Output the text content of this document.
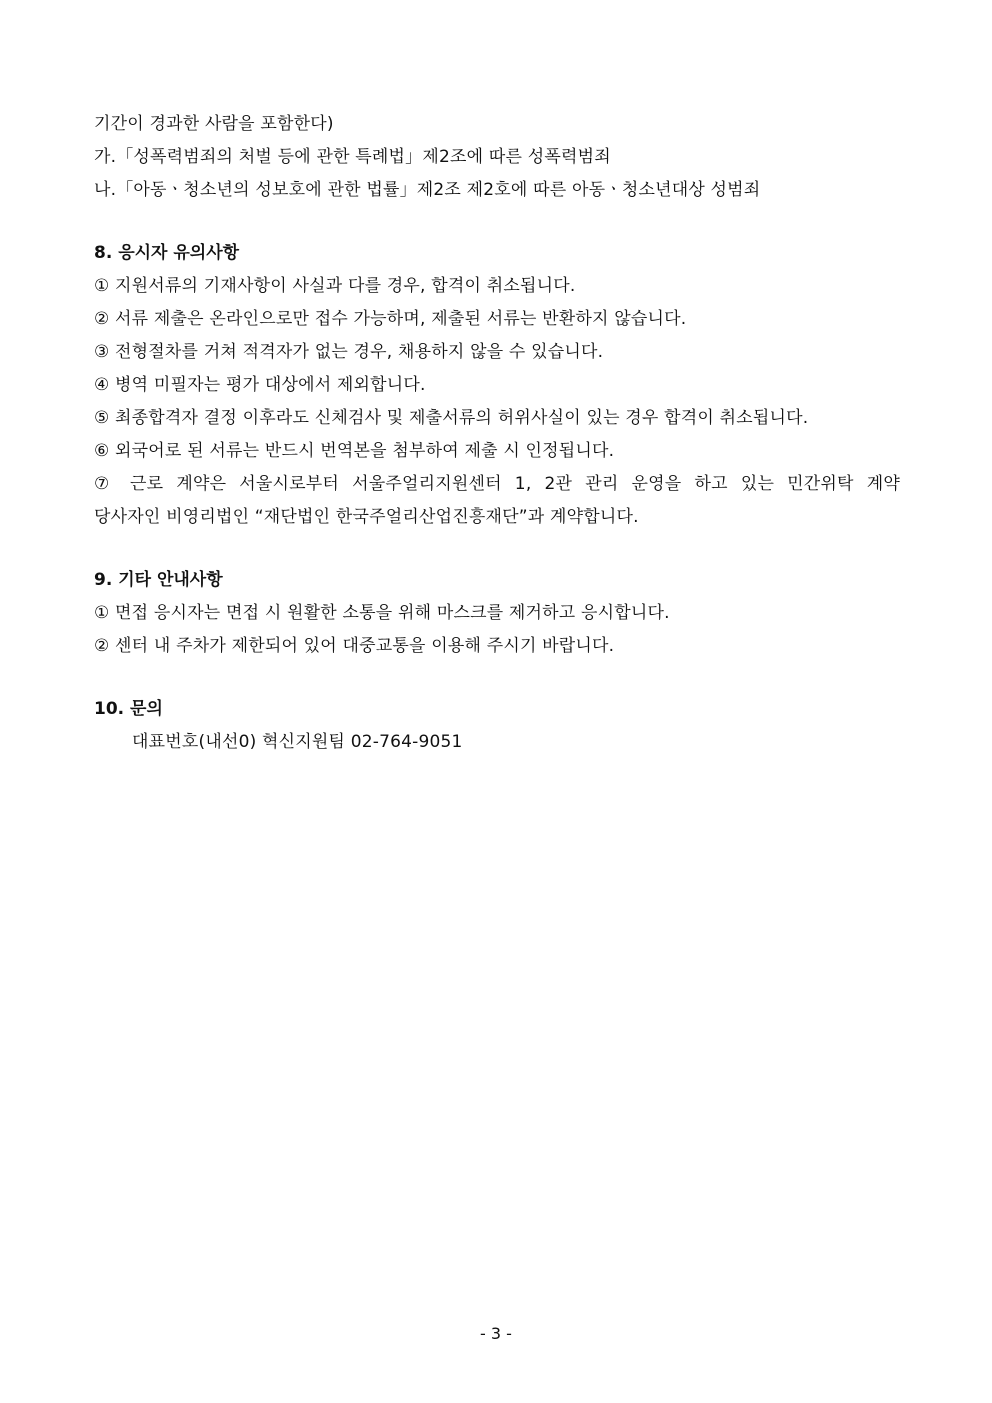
기간이 경과한 사람을 포함한다)
가.「성폭력범죄의 처벌 등에 관한 특례법」제2조에 따른 성폭력범죄
나.「아동ㆍ청소년의 성보호에 관한 법률」제2조 제2호에 따른 아동ㆍ청소년대상 성범죄
8. 응시자 유의사항
① 지원서류의 기재사항이 사실과 다를 경우, 합격이 취소됩니다.
② 서류 제출은 온라인으로만 접수 가능하며, 제출된 서류는 반환하지 않습니다.
③ 전형절차를 거쳐 적격자가 없는 경우, 채용하지 않을 수 있습니다.
④ 병역 미필자는 평가 대상에서 제외합니다.
⑤ 최종합격자 결정 이후라도 신체검사 및 제출서류의 허위사실이 있는 경우 합격이 취소됩니다.
⑥ 외국어로 된 서류는 반드시 번역본을 첨부하여 제출 시 인정됩니다.
⑦ 근로 계약은 서울시로부터 서울주얼리지원센터 1, 2관 관리 운영을 하고 있는 민간위탁 계약
당사자인 비영리법인 “재단법인 한국주얼리산업진흥재단”과 계약합니다.
9. 기타 안내사항
① 면접 응시자는 면접 시 원활한 소통을 위해 마스크를 제거하고 응시합니다.
② 센터 내 주차가 제한되어 있어 대중교통을 이용해 주시기 바랍니다.
10. 문의
대표번호(내선0) 혁신지원팀 02-764-9051
- 3 -
